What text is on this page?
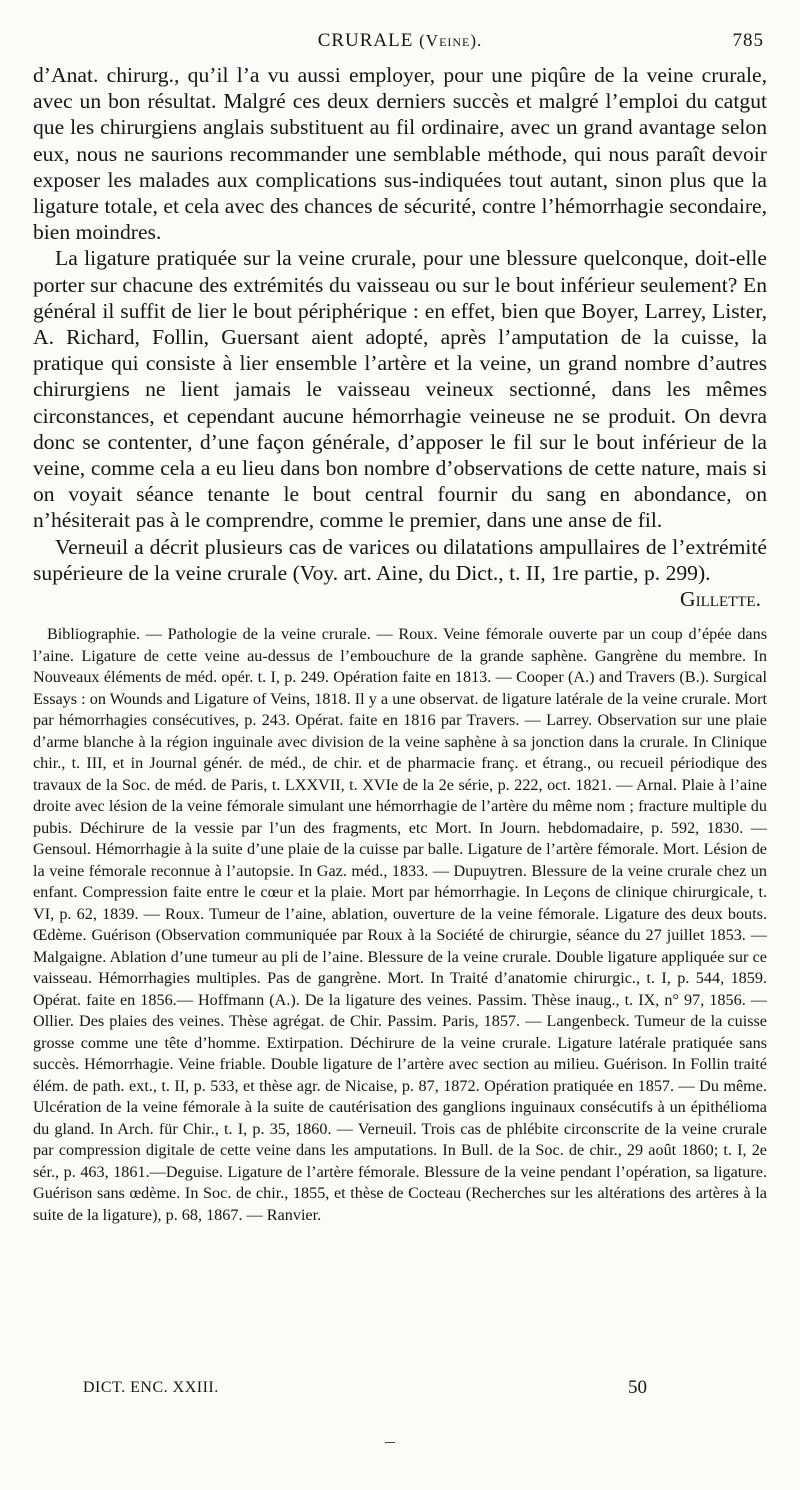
CRURALE (Veine).	785

d’Anat. chirurg., qu’il l’a vu aussi employer, pour une piqûre de la veine crurale, avec un bon résultat. Malgré ces deux derniers succès et malgré l’emploi du catgut que les chirurgiens anglais substituent au fil ordinaire, avec un grand avantage selon eux, nous ne saurions recommander une semblable méthode, qui nous paraît devoir exposer les malades aux complications sus-indiquées tout autant, sinon plus que la ligature totale, et cela avec des chances de sécurité, contre l’hémorrhagie secondaire, bien moindres.

La ligature pratiquée sur la veine crurale, pour une blessure quelconque, doit-elle porter sur chacune des extrémités du vaisseau ou sur le bout inférieur seulement? En général il suffit de lier le bout périphérique : en effet, bien que Boyer, Larrey, Lister, A. Richard, Follin, Guersant aient adopté, après l’amputation de la cuisse, la pratique qui consiste à lier ensemble l’artère et la veine, un grand nombre d’autres chirurgiens ne lient jamais le vaisseau veineux sectionné, dans les mêmes circonstances, et cependant aucune hémorrhagie veineuse ne se produit. On devra donc se contenter, d’une façon générale, d’apposer le fil sur le bout inférieur de la veine, comme cela a eu lieu dans bon nombre d’observations de cette nature, mais si on voyait séance tenante le bout central fournir du sang en abondance, on n’hésiterait pas à le comprendre, comme le premier, dans une anse de fil.

Verneuil a décrit plusieurs cas de varices ou dilatations ampullaires de l’extrémité supérieure de la veine crurale (Voy. art. Aine, du Dict., t. II, 1re partie, p. 299).
Gillette.

Bibliographie. — Pathologie de la veine crurale. — Roux. Veine fémorale ouverte par un coup d’épée dans l’aine. Ligature de cette veine au-dessus de l’embouchure de la grande saphène. Gangrène du membre. In Nouveaux éléments de méd. opér. t. I, p. 249. Opération faite en 1813. — Cooper (A.) and Travers (B.). Surgical Essays : on Wounds and Ligature of Veins, 1818. Il y a une observat. de ligature latérale de la veine crurale. Mort par hémorrhagies consécutives, p. 243. Opérat. faite en 1816 par Travers. — Larrey. Observation sur une plaie d’arme blanche à la région inguinale avec division de la veine saphène à sa jonction dans la crurale. In Clinique chir., t. III, et in Journal génér. de méd., de chir. et de pharmacie franç. et étrang., ou recueil périodique des travaux de la Soc. de méd. de Paris, t. LXXVII, t. XVIe de la 2e série, p. 222, oct. 1821. — Arnal. Plaie à l’aine droite avec lésion de la veine fémorale simulant une hémorrhagie de l’artère du même nom ; fracture multiple du pubis. Déchirure de la vessie par l’un des fragments, etc Mort. In Journ. hebdomadaire, p. 592, 1830. — Gensoul. Hémorrhagie à la suite d’une plaie de la cuisse par balle. Ligature de l’artère fémorale. Mort. Lésion de la veine fémorale reconnue à l’autopsie. In Gaz. méd., 1833. — Dupuytren. Blessure de la veine crurale chez un enfant. Compression faite entre le cœur et la plaie. Mort par hémorrhagie. In Leçons de clinique chirurgicale, t. VI, p. 62, 1839. — Roux. Tumeur de l’aine, ablation, ouverture de la veine fémorale. Ligature des deux bouts. Œdème. Guérison (Observation communiquée par Roux à la Société de chirurgie, séance du 27 juillet 1853. — Malgaigne. Ablation d’une tumeur au pli de l’aine. Blessure de la veine crurale. Double ligature appliquée sur ce vaisseau. Hémorrhagies multiples. Pas de gangrène. Mort. In Traité d’anatomie chirurgic., t. I, p. 544, 1859. Opérat. faite en 1856.— Hoffmann (A.). De la ligature des veines. Passim. Thèse inaug., t. IX, n° 97, 1856. — Ollier. Des plaies des veines. Thèse agrégat. de Chir. Passim. Paris, 1857. — Langenbeck. Tumeur de la cuisse grosse comme une tête d’homme. Extirpation. Déchirure de la veine crurale. Ligature latérale pratiquée sans succès. Hémorrhagie. Veine friable. Double ligature de l’artère avec section au milieu. Guérison. In Follin traité élém. de path. ext., t. II, p. 533, et thèse agr. de Nicaise, p. 87, 1872. Opération pratiquée en 1857. — Du même. Ulcération de la veine fémorale à la suite de cautérisation des ganglions inguinaux consécutifs à un épithélioma du gland. In Arch. für Chir., t. I, p. 35, 1860. — Verneuil. Trois cas de phlébite circonscrite de la veine crurale par compression digitale de cette veine dans les amputations. In Bull. de la Soc. de chir., 29 août 1860; t. I, 2e sér., p. 463, 1861.—Deguise. Ligature de l’artère fémorale. Blessure de la veine pendant l’opération, sa ligature. Guérison sans œdème. In Soc. de chir., 1855, et thèse de Cocteau (Recherches sur les altérations des artères à la suite de la ligature), p. 68, 1867. — Ranvier.

DICT. ENC. XXIII.	50
